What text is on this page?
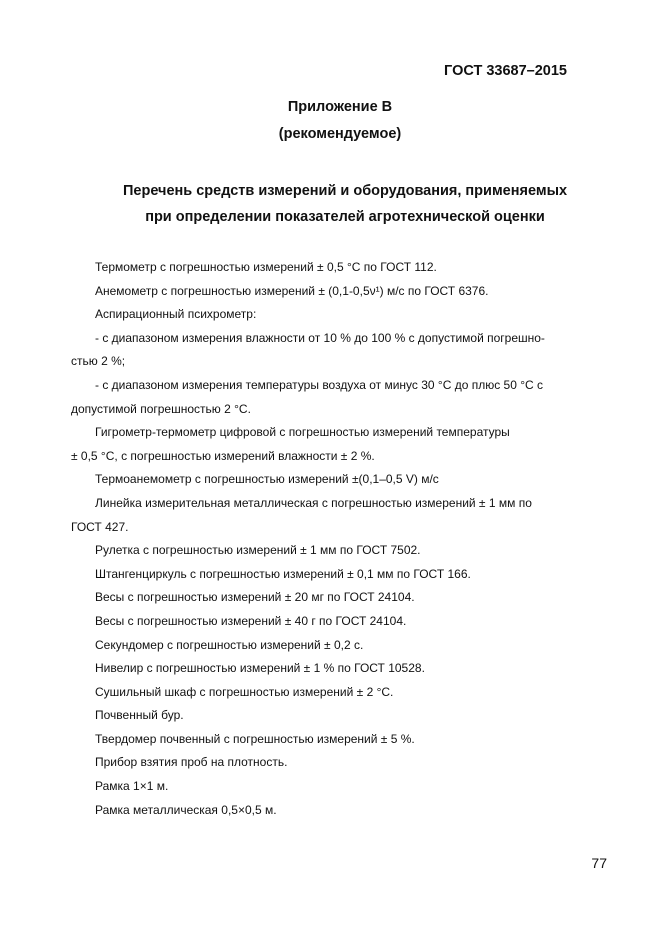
ГОСТ 33687–2015
Приложение В
(рекомендуемое)
Перечень средств измерений и оборудования, применяемых
при определении показателей агротехнической оценки

Термометр с погрешностью измерений ± 0,5 °С по ГОСТ 112.

Анемометр с погрешностью измерений ± (0,1-0,5ν¹) м/с по ГОСТ 6376.

Аспирационный психрометр:

- с диапазоном измерения влажности от 10 % до 100 % с допустимой погрешно-
стью 2 %;

- с диапазоном измерения температуры воздуха от минус 30 °С до плюс 50 °С с
допустимой погрешностью 2 °С.

Гигрометр-термометр цифровой с погрешностью измерений температуры
± 0,5 °С, с погрешностью измерений влажности ± 2 %.

Термоанемометр с погрешностью измерений ±(0,1–0,5 V) м/с

Линейка измерительная металлическая с погрешностью измерений ± 1 мм по
ГОСТ 427.

Рулетка с погрешностью измерений ± 1 мм по ГОСТ 7502.

Штангенциркуль с погрешностью измерений ± 0,1 мм по ГОСТ 166.

Весы с погрешностью измерений ± 20 мг по ГОСТ 24104.

Весы с погрешностью измерений ± 40 г по ГОСТ 24104.

Секундомер с погрешностью измерений ± 0,2 с.

Нивелир с погрешностью измерений ± 1 % по ГОСТ 10528.

Сушильный шкаф с погрешностью измерений ± 2 °С.

Почвенный бур.

Твердомер почвенный с погрешностью измерений ± 5 %.

Прибор взятия проб на плотность.

Рамка 1×1 м.

Рамка металлическая 0,5×0,5 м.

77
